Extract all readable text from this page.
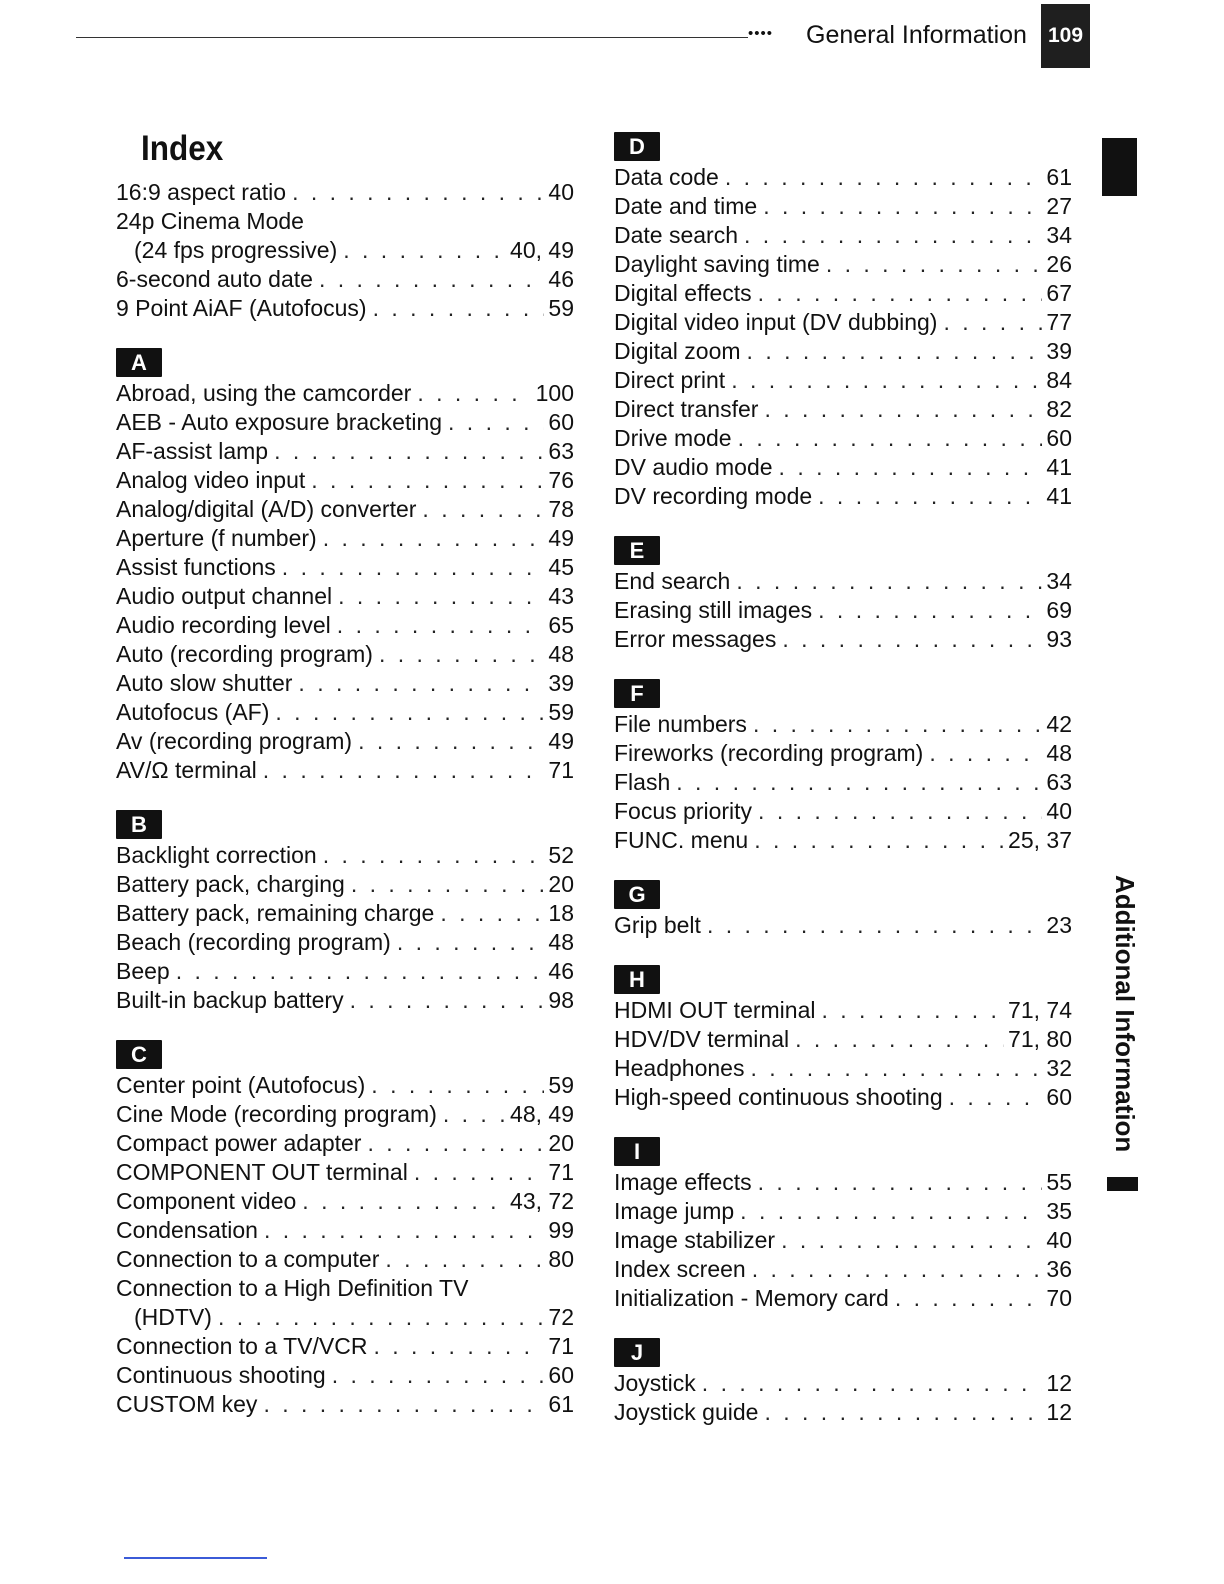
•••• General Information	109
Additional Information
Index
16:9 aspect ratio . . .	40
24p Cinema Mode
(24 fps progressive) . . .	40, 49
6-second auto date . . .	46
9 Point AiAF (Autofocus) . . .	59
A
Abroad, using the camcorder . . .	100
AEB - Auto exposure bracketing . . .	60
AF-assist lamp . . .	63
Analog video input . . .	76
Analog/digital (A/D) converter . . .	78
Aperture (f number) . . .	49
Assist functions . . .	45
Audio output channel . . .	43
Audio recording level . . .	65
Auto (recording program) . . .	48
Auto slow shutter . . .	39
Autofocus (AF) . . .	59
Av (recording program) . . .	49
AV/Ω terminal . . .	71
B
Backlight correction . . .	52
Battery pack, charging . . .	20
Battery pack, remaining charge . . .	18
Beach (recording program) . . .	48
Beep . . .	46
Built-in backup battery . . .	98
C
Center point (Autofocus) . . .	59
Cine Mode (recording program) . . .	48, 49
Compact power adapter . . .	20
COMPONENT OUT terminal . . .	71
Component video . . .	43, 72
Condensation . . .	99
Connection to a computer . . .	80
Connection to a High Definition TV
(HDTV) . . .	72
Connection to a TV/VCR . . .	71
Continuous shooting . . .	60
CUSTOM key . . .	61
D
Data code . . .	61
Date and time . . .	27
Date search . . .	34
Daylight saving time . . .	26
Digital effects . . .	67
Digital video input (DV dubbing) . . .	77
Digital zoom . . .	39
Direct print . . .	84
Direct transfer . . .	82
Drive mode . . .	60
DV audio mode . . .	41
DV recording mode . . .	41
E
End search . . .	34
Erasing still images . . .	69
Error messages . . .	93
F
File numbers . . .	42
Fireworks (recording program) . . .	48
Flash . . .	63
Focus priority . . .	40
FUNC. menu . . .	25, 37
G
Grip belt . . .	23
H
HDMI OUT terminal . . .	71, 74
HDV/DV terminal . . .	71, 80
Headphones . . .	32
High-speed continuous shooting . . .	60
I
Image effects . . .	55
Image jump . . .	35
Image stabilizer . . .	40
Index screen . . .	36
Initialization - Memory card . . .	70
J
Joystick . . .	12
Joystick guide . . .	12
